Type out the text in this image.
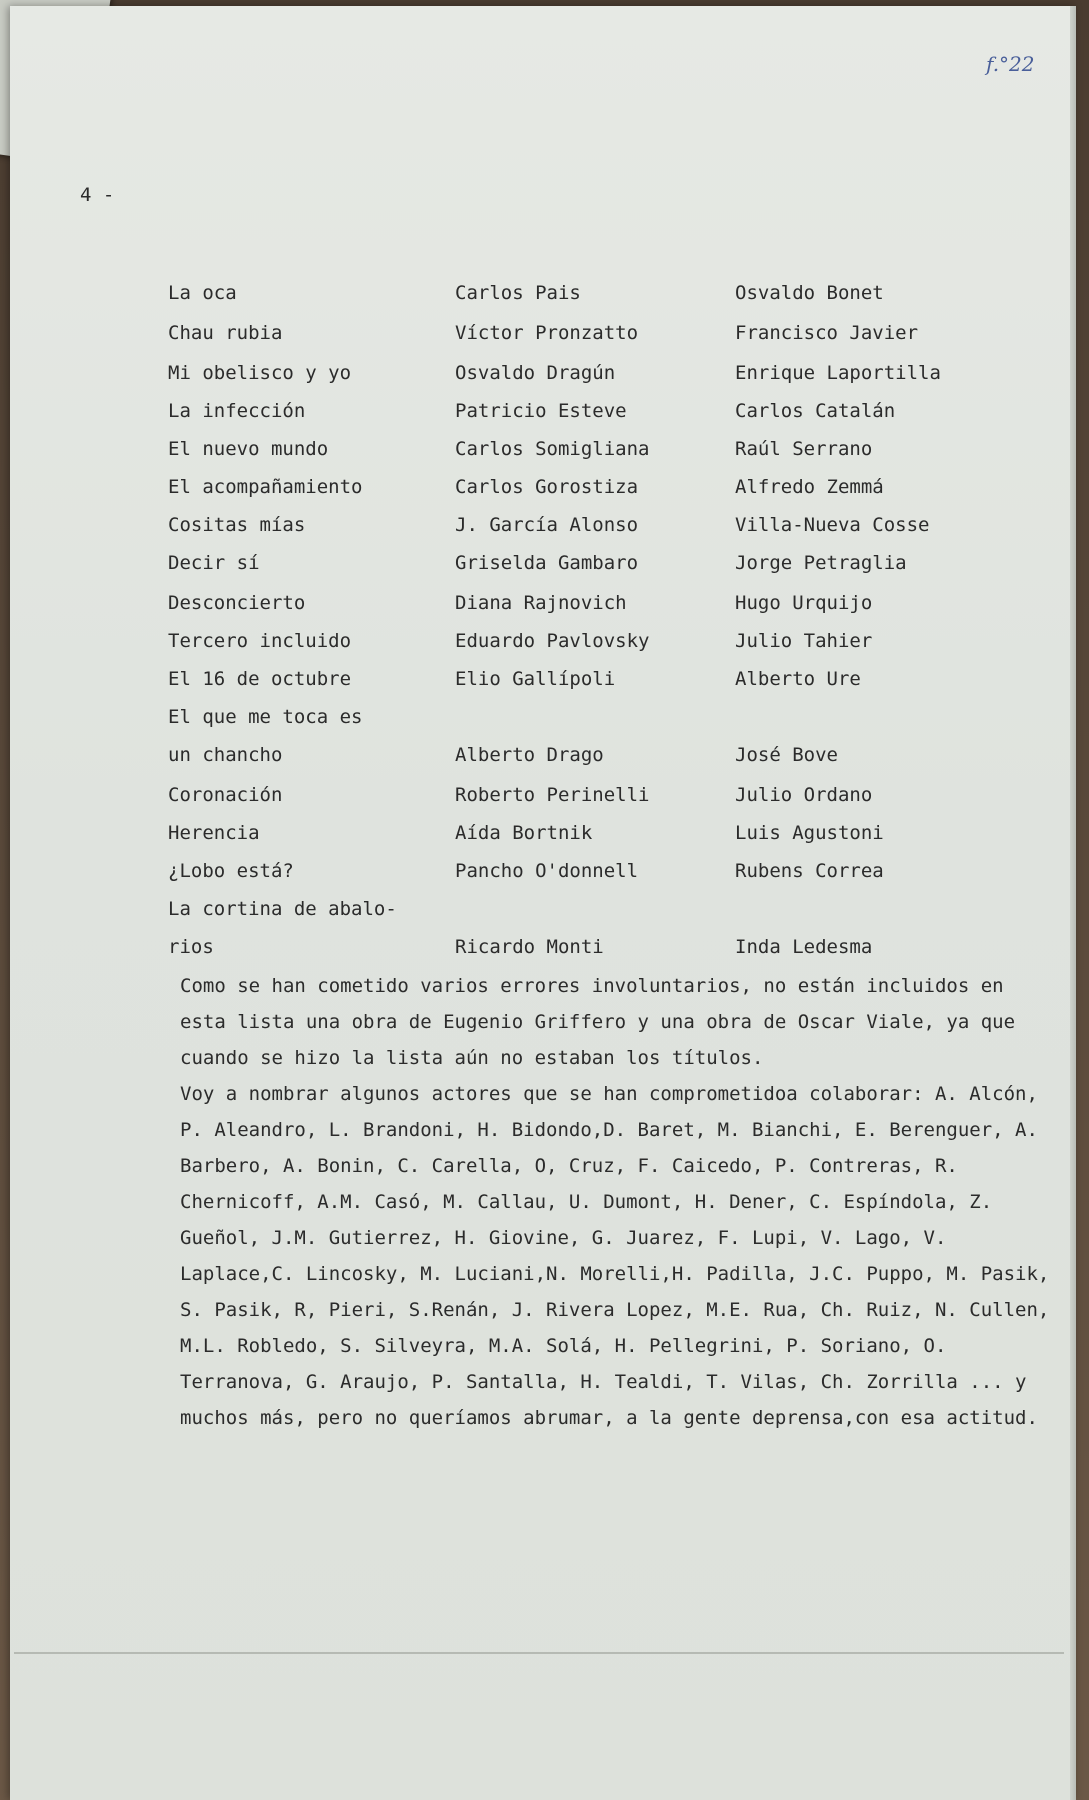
f.°22
4 -
La oca	Carlos Pais	Osvaldo Bonet
Chau rubia	Víctor Pronzatto	Francisco Javier
Mi obelisco y yo	Osvaldo Dragún	Enrique Laportilla
La infección	Patricio Esteve	Carlos Catalán
El nuevo mundo	Carlos Somigliana	Raúl Serrano
El acompañamiento	Carlos Gorostiza	Alfredo Zemmá
Cositas mías	J. García Alonso	Villa-Nueva Cosse
Decir sí	Griselda Gambaro	Jorge Petraglia
Desconcierto	Diana Rajnovich	Hugo Urquijo
Tercero incluido	Eduardo Pavlovsky	Julio Tahier
El 16 de octubre	Elio Gallípoli	Alberto Ure
El que me toca es
un chancho	Alberto Drago	José Bove
Coronación	Roberto Perinelli	Julio Ordano
Herencia	Aída Bortnik	Luis Agustoni
¿Lobo está?	Pancho O'donnell	Rubens Correa
La cortina de abalo-
rios	Ricardo Monti	Inda Ledesma

Como se han cometido varios errores involuntarios, no están incluidos en esta lista una obra de Eugenio Griffero y una obra de Oscar Viale, ya que cuando se hizo la lista aún no estaban los títulos.

Voy a nombrar algunos actores que se han comprometidoa colaborar: A. Alcón, P. Aleandro, L. Brandoni, H. Bidondo,D. Baret, M. Bianchi, E. Berenguer, A. Barbero, A. Bonin, C. Carella, O, Cruz, F. Caicedo, P. Contreras, R. Chernicoff, A.M. Casó, M. Callau, U. Dumont, H. Dener, C. Espíndola, Z. Gueñol, J.M. Gutierrez, H. Giovine, G. Juarez, F. Lupi, V. Lago, V. Laplace,C. Lincosky, M. Luciani,N. Morelli,H. Padilla, J.C. Puppo, M. Pasik, S. Pasik, R, Pieri, S.Renán, J. Rivera Lopez, M.E. Rua, Ch. Ruiz, N. Cullen, M.L. Robledo, S. Silveyra, M.A. Solá, H. Pellegrini, P. Soriano, O. Terranova, G. Araujo, P. Santalla, H. Tealdi, T. Vilas, Ch. Zorrilla ... y muchos más, pero no queríamos abrumar, a la gente deprensa,con esa actitud.
